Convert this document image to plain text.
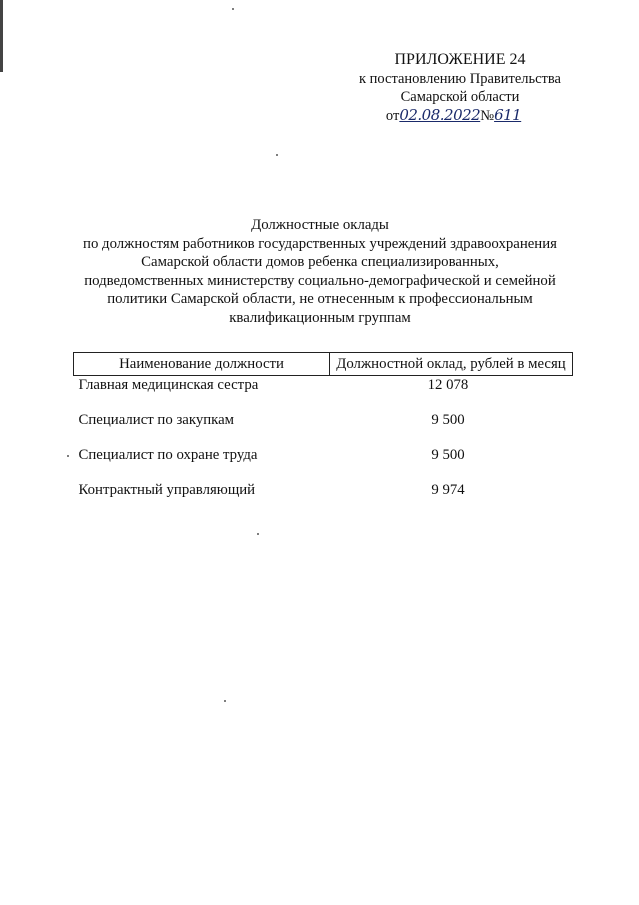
ПРИЛОЖЕНИЕ 24
к постановлению Правительства
Самарской области
от 02.08.2022 № 611
Должностные оклады
по должностям работников государственных учреждений здравоохранения
Самарской области домов ребенка специализированных,
подведомственных министерству социально-демографической и семейной
политики Самарской области, не отнесенным к профессиональным
квалификационным группам
Наименование должности	Должностной оклад, рублей в месяц
Главная медицинская сестра	12 078
Специалист по закупкам	9 500
Специалист по охране труда	9 500
Контрактный управляющий	9 974
